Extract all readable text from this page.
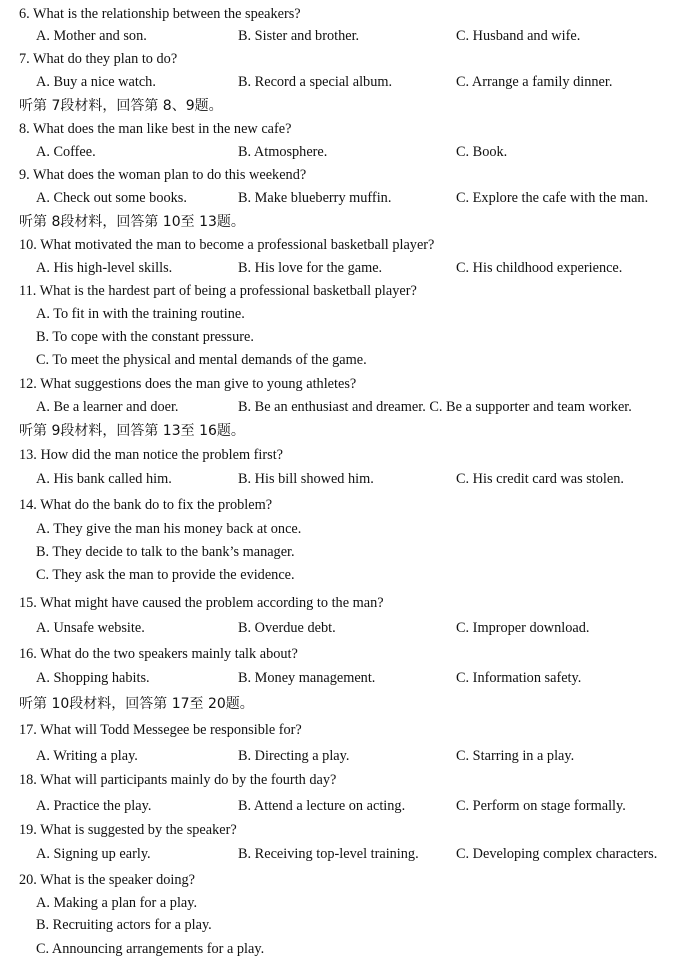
6. What is the relationship between the speakers?
A. Mother and son.	B. Sister and brother.	C. Husband and wife.
7. What do they plan to do?
A. Buy a nice watch.	B. Record a special album.	C. Arrange a family dinner.
听第 7段材料，回答第 8、9题。
8. What does the man like best in the new cafe?
A. Coffee.	B. Atmosphere.	C. Book.
9. What does the woman plan to do this weekend?
A. Check out some books.	B. Make blueberry muffin.	C. Explore the cafe with the man.
听第 8段材料，回答第 10至 13题。
10. What motivated the man to become a professional basketball player?
A. His high-level skills.	B. His love for the game.	C. His childhood experience.
11. What is the hardest part of being a professional basketball player?
A. To fit in with the training routine.
B. To cope with the constant pressure.
C. To meet the physical and mental demands of the game.
12. What suggestions does the man give to young athletes?
A. Be a learner and doer.	B. Be an enthusiast and dreamer. C. Be a supporter and team worker.
听第 9段材料，回答第 13至 16题。
13. How did the man notice the problem first?
A. His bank called him.	B. His bill showed him.	C. His credit card was stolen.
14. What do the bank do to fix the problem?
A. They give the man his money back at once.
B. They decide to talk to the bank’s manager.
C. They ask the man to provide the evidence.
15. What might have caused the problem according to the man?
A. Unsafe website.	B. Overdue debt.	C. Improper download.
16. What do the two speakers mainly talk about?
A. Shopping habits.	B. Money management.	C. Information safety.
听第 10段材料，回答第 17至 20题。
17. What will Todd Messegee be responsible for?
A. Writing a play.	B. Directing a play.	C. Starring in a play.
18. What will participants mainly do by the fourth day?
A. Practice the play.	B. Attend a lecture on acting.	C. Perform on stage formally.
19. What is suggested by the speaker?
A. Signing up early.	B. Receiving top-level training.	C. Developing complex characters.
20. What is the speaker doing?
A. Making a plan for a play.
B. Recruiting actors for a play.
C. Announcing arrangements for a play.
